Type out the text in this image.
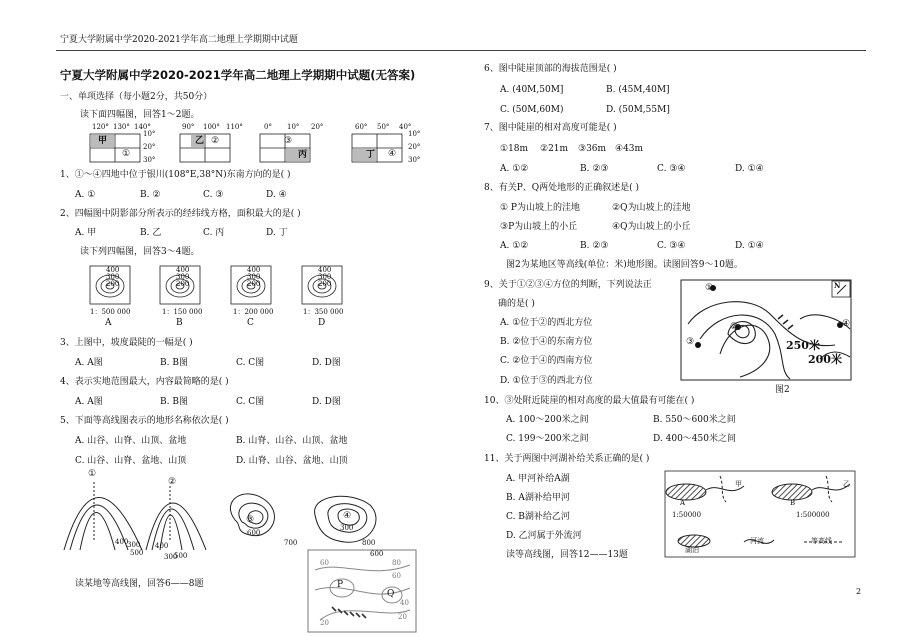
宁夏大学附属中学2020-2021学年高二地理上学期期中试题
2
宁夏大学附属中学2020-2021学年高二地理上学期期中试题(无答案)
一、单项选择（每小题2分，共50分）
读下面四幅图，回答1～2题。
120° 130° 140°	90° 100° 110°	0° 10° 20°	60° 50° 40°
甲
①
乙 ②
丙
③
丁 ④
10°
20°
30°
10°
20°
30°
1、①～④四地中位于银川(108°E,38°N)东南方向的是( )
A. ①	B. ②	C. ③	D. ④
2、四幅图中阴影部分所表示的经纬线方格，面积最大的是( )
A. 甲	B. 乙	C. 丙	D. 丁
读下列四幅图，回答3～4题。
400
300
200
400
300
200
400
300
200
400
300
200
1：500 000	1：150 000	1：200 000	1：350 000
A	B	C	D
3、上图中，坡度最陡的一幅是( )
A. A图	B. B图	C. C图	D. D图
4、表示实地范围最大，内容最简略的是( )
A. A图	B. B图	C. C图	D. D图
5、下面等高线图表示的地形名称依次是( )
A. 山谷、山脊、山顶、盆地	B. 山脊、山谷、山顶、盆地
C. 山谷、山脊、盆地、山顶	D. 山脊、山谷、盆地、山顶
①
②
③	④
400
300
500
400
300
500
600
700	800
300
600
P
Q
80
60
40
20
60
20
读某地等高线图，回答6——8题
6、图中陡崖顶部的海拔范围是( )
A. (40M,50M]	B. (45M,40M]
C. (50M,60M)	D. (50M,55M]
7、图中陡崖的相对高度可能是( )
①18m ②21m ③36m ④43m
A. ①②	B. ②③	C. ③④	D. ①④
8、有关P、Q两处地形的正确叙述是( )
① P为山坡上的洼地	②Q为山坡上的洼地
③P为山坡上的小丘	④Q为山坡上的小丘
A. ①②	B. ②③	C. ③④	D. ①④
图2为某地区等高线(单位：米)地形图。读图回答9～10题。
9、关于①②③④方位的判断，下列说法正
确的是( )
A. ①位于②的西北方位
B. ②位于④的东南方位
C. ②位于④的西南方位
D. ①位于③的西北方位
①
②
③
④
250米
200米
N
图2
10、③处附近陡崖的相对高度的最大值最有可能在( )
A. 100～200米之间	B. 550～600米之间
C. 199～200米之间	D. 400～450米之间
11、关于两图中河湖补给关系正确的是( )
A. 甲河补给A湖
B. A湖补给甲河
C. B湖补给乙河
D. 乙河属于外流河
读等高线图，回答12——13题
甲	乙
A	B
1:50000	1:500000
湖泊
河流	等高线
